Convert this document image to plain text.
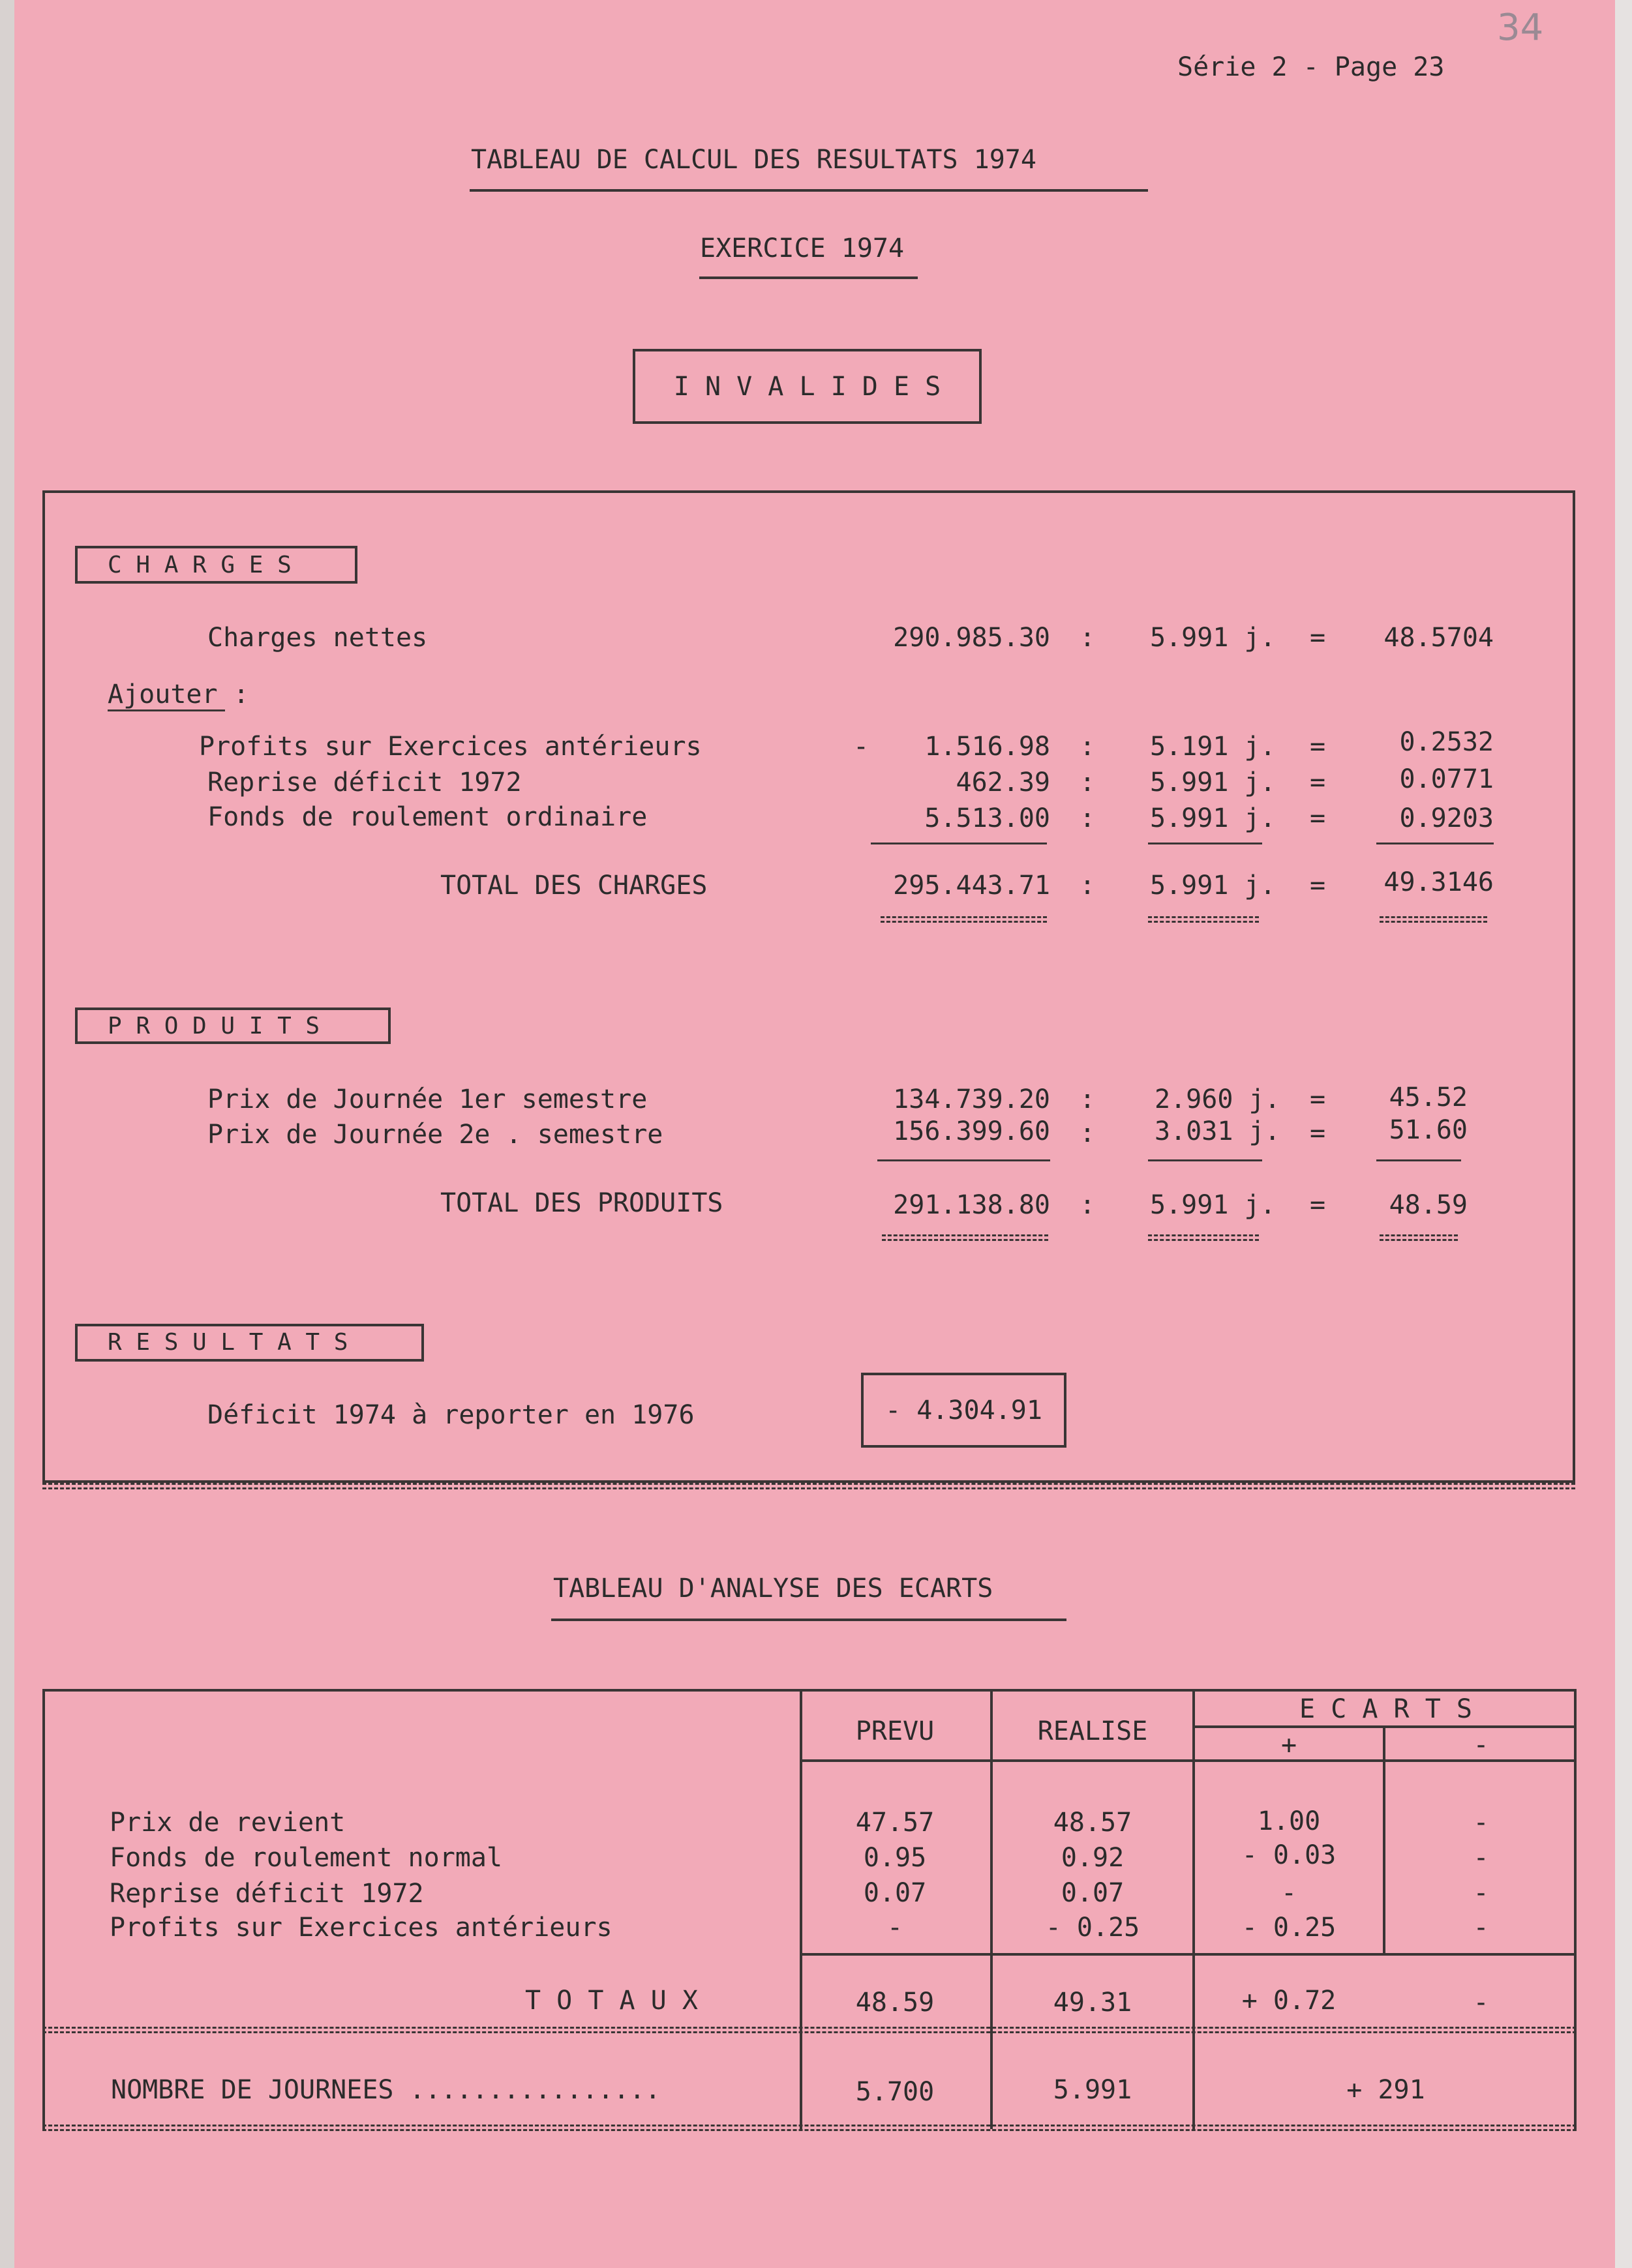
34
Série 2 - Page 23
TABLEAU DE CALCUL DES RESULTATS 1974
EXERCICE 1974
I N V A L I D E S
C H A R G E S
Charges nettes	290.985.30 : 5.991 j. =	48.5704
Ajouter :
Profits sur Exercices antérieurs	-	1.516.98 : 5.191 j. =	0.2532
Reprise déficit 1972	462.39 : 5.991 j. =	0.0771
Fonds de roulement ordinaire	5.513.00 : 5.991 j. =	0.9203
TOTAL DES CHARGES	295.443.71 : 5.991 j. =	49.3146
P R O D U I T S
Prix de Journée 1er semestre	134.739.20 : 2.960 j. =	45.52
Prix de Journée 2e . semestre	156.399.60 : 3.031 j. =	51.60
TOTAL DES PRODUITS	291.138.80 : 5.991 j. =	48.59
R E S U L T A T S
Déficit 1974 à reporter en 1976	- 4.304.91
TABLEAU D'ANALYSE DES ECARTS
PREVU	REALISE
E C A R T S
+	-
Prix de revient	47.57	48.57	1.00	-
Fonds de roulement normal	0.95	0.92	- 0.03	-
Reprise déficit 1972	0.07	0.07	-	-
Profits sur Exercices antérieurs	-	- 0.25	- 0.25	-
T O T A U X	48.59	49.31	+ 0.72	-
NOMBRE DE JOURNEES ................	5.700	5.991	+ 291
